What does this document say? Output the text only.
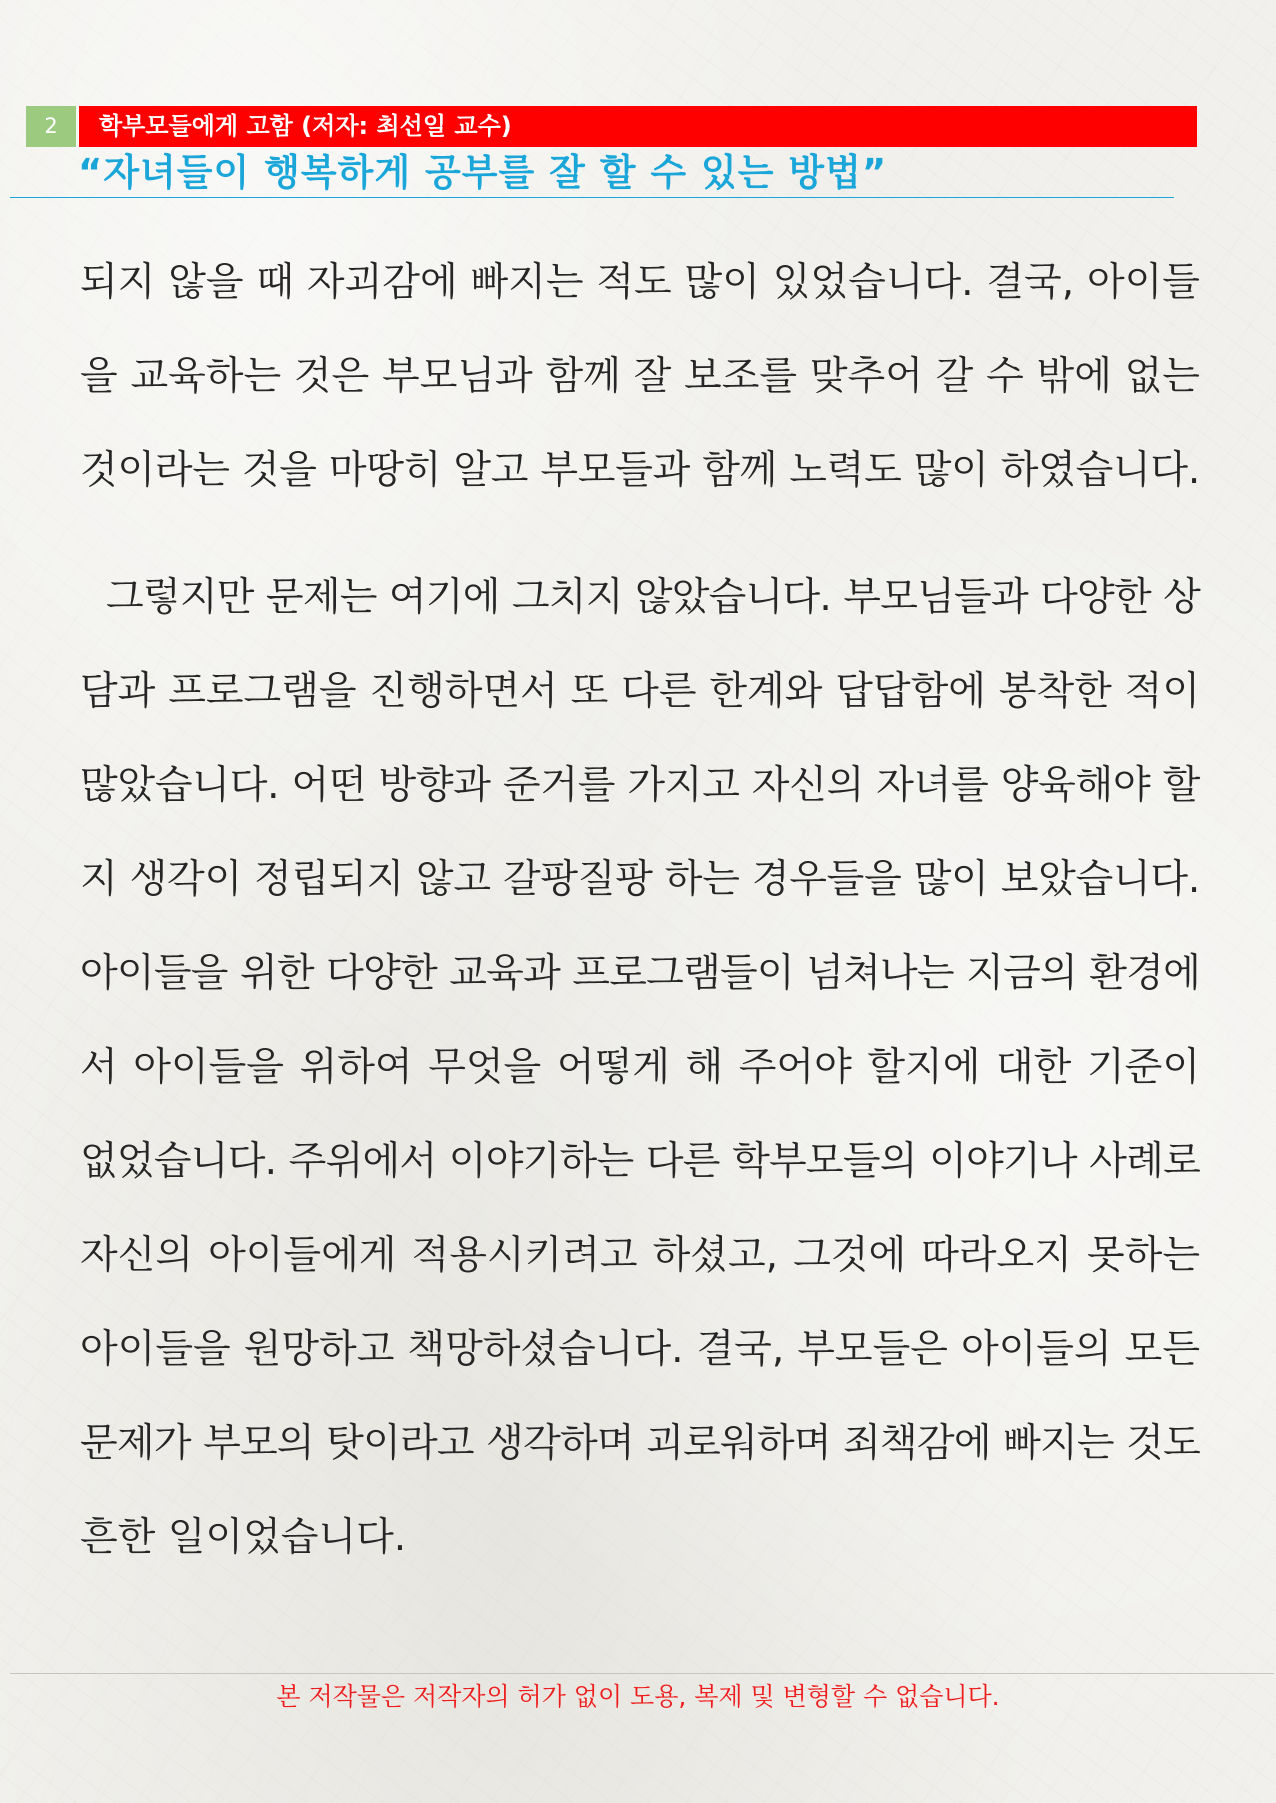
2	학부모들에게 고함 (저자: 최선일 교수)
“자녀들이 행복하게 공부를 잘 할 수 있는 방법”
되지 않을 때 자괴감에 빠지는 적도 많이 있었습니다. 결국, 아이들
을 교육하는 것은 부모님과 함께 잘 보조를 맞추어 갈 수 밖에 없는
것이라는 것을 마땅히 알고 부모들과 함께 노력도 많이 하였습니다.
그렇지만 문제는 여기에 그치지 않았습니다. 부모님들과 다양한 상
담과 프로그램을 진행하면서 또 다른 한계와 답답함에 봉착한 적이
많았습니다. 어떤 방향과 준거를 가지고 자신의 자녀를 양육해야 할
지 생각이 정립되지 않고 갈팡질팡 하는 경우들을 많이 보았습니다.
아이들을 위한 다양한 교육과 프로그램들이 넘쳐나는 지금의 환경에
서 아이들을 위하여 무엇을 어떻게 해 주어야 할지에 대한 기준이
없었습니다. 주위에서 이야기하는 다른 학부모들의 이야기나 사례로
자신의 아이들에게 적용시키려고 하셨고, 그것에 따라오지 못하는
아이들을 원망하고 책망하셨습니다. 결국, 부모들은 아이들의 모든
문제가 부모의 탓이라고 생각하며 괴로워하며 죄책감에 빠지는 것도
흔한 일이었습니다.
본 저작물은 저작자의 허가 없이 도용, 복제 및 변형할 수 없습니다.
